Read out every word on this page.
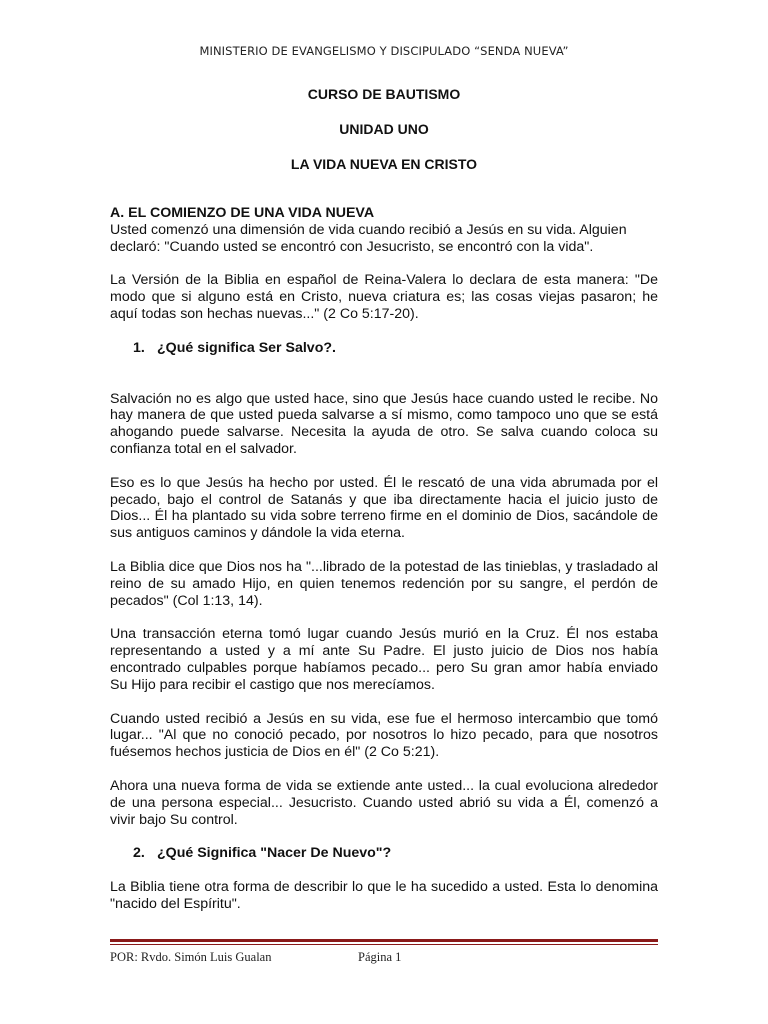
MINISTERIO DE EVANGELISMO Y DISCIPULADO “SENDA NUEVA”
CURSO DE BAUTISMO
UNIDAD UNO
LA VIDA NUEVA EN CRISTO
A. EL COMIENZO DE UNA VIDA NUEVA

Usted comenzó una dimensión de vida cuando recibió a Jesús en su vida. Alguien declaró: "Cuando usted se encontró con Jesucristo, se encontró con la vida".

La Versión de la Biblia en español de Reina-Valera lo declara de esta manera: "De modo que si alguno está en Cristo, nueva criatura es; las cosas viejas pasaron; he aquí todas son hechas nuevas..." (2 Co 5:17-20).

1. ¿Qué significa Ser Salvo?.

Salvación no es algo que usted hace, sino que Jesús hace cuando usted le recibe. No hay manera de que usted pueda salvarse a sí mismo, como tampoco uno que se está ahogando puede salvarse. Necesita la ayuda de otro. Se salva cuando coloca su confianza total en el salvador.

Eso es lo que Jesús ha hecho por usted. Él le rescató de una vida abrumada por el pecado, bajo el control de Satanás y que iba directamente hacia el juicio justo de Dios... Él ha plantado su vida sobre terreno firme en el dominio de Dios, sacándole de sus antiguos caminos y dándole la vida eterna.

La Biblia dice que Dios nos ha "...librado de la potestad de las tinieblas, y trasladado al reino de su amado Hijo, en quien tenemos redención por su sangre, el perdón de pecados" (Col 1:13, 14).

Una transacción eterna tomó lugar cuando Jesús murió en la Cruz. Él nos estaba representando a usted y a mí ante Su Padre. El justo juicio de Dios nos había encontrado culpables porque habíamos pecado... pero Su gran amor había enviado Su Hijo para recibir el castigo que nos merecíamos.

Cuando usted recibió a Jesús en su vida, ese fue el hermoso intercambio que tomó lugar... "Al que no conoció pecado, por nosotros lo hizo pecado, para que nosotros fuésemos hechos justicia de Dios en él" (2 Co 5:21).

Ahora una nueva forma de vida se extiende ante usted... la cual evoluciona alrededor de una persona especial... Jesucristo. Cuando usted abrió su vida a Él, comenzó a vivir bajo Su control.

2. ¿Qué Significa "Nacer De Nuevo"?

La Biblia tiene otra forma de describir lo que le ha sucedido a usted. Esta lo denomina "nacido del Espíritu".

POR: Rvdo. Simón Luis Gualan	Página 1
